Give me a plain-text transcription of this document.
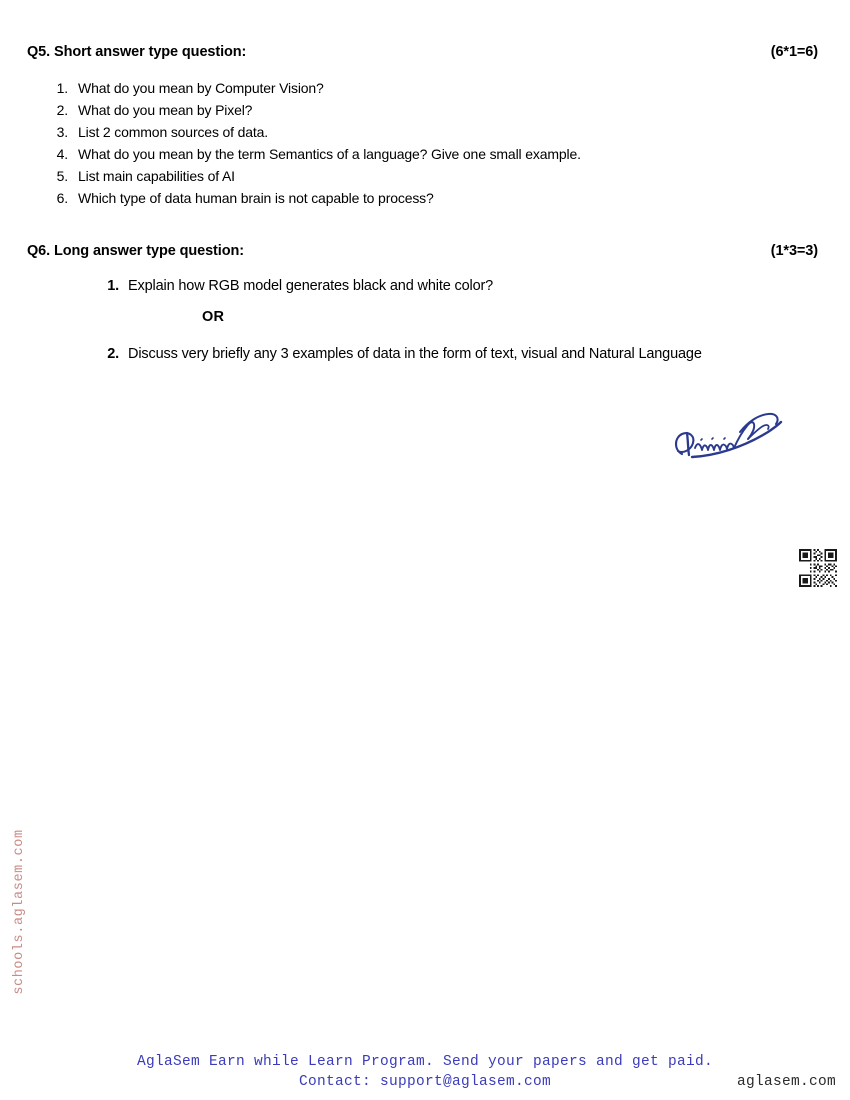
Q5. Short answer type question:	(6*1=6)
1. What do you mean by Computer Vision?
2. What do you mean by Pixel?
3. List 2 common sources of data.
4. What do you mean by the term Semantics of a language? Give one small example.
5. List main capabilities of AI
6. Which type of data human brain is not capable to process?
Q6. Long answer type question:	(1*3=3)
1. Explain how RGB model generates black and white color?
OR
2. Discuss very briefly any 3 examples of data in the form of text, visual and Natural Language
schools.aglasem.com
AglaSem Earn while Learn Program. Send your papers and get paid.
Contact: support@aglasem.com	aglasem.com
